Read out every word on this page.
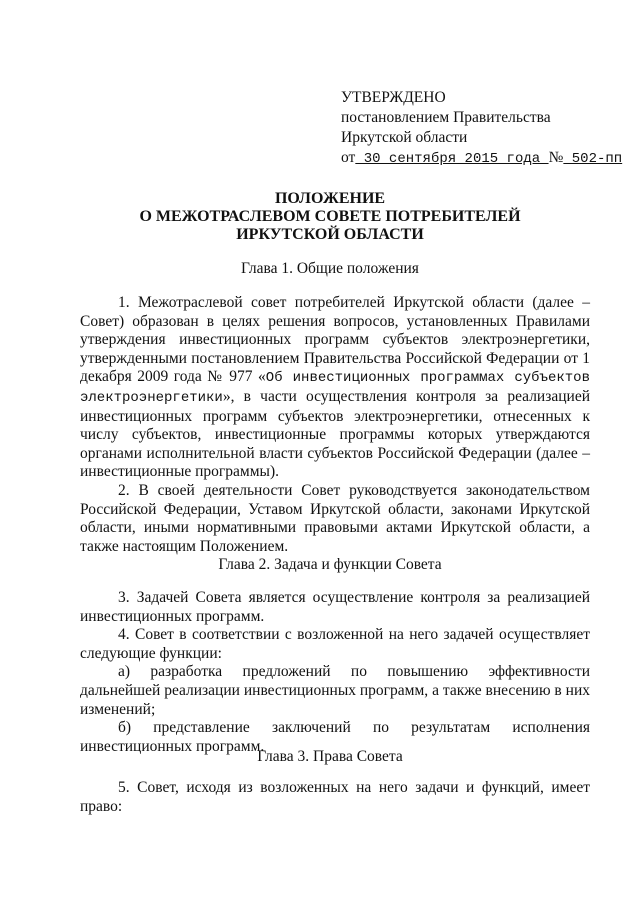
УТВЕРЖДЕНО
постановлением Правительства
Иркутской области
от 30 сентября 2015 года № 502-пп
ПОЛОЖЕНИЕ
О МЕЖОТРАСЛЕВОМ СОВЕТЕ ПОТРЕБИТЕЛЕЙ
ИРКУТСКОЙ ОБЛАСТИ
Глава 1. Общие положения

1. Межотраслевой совет потребителей Иркутской области (далее – Совет) образован в целях решения вопросов, установленных Правилами утверждения инвестиционных программ субъектов электроэнергетики, утвержденными постановлением Правительства Российской Федерации от 1 декабря 2009 года № 977 «Об инвестиционных программах субъектов электроэнергетики», в части осуществления контроля за реализацией инвестиционных программ субъектов электроэнергетики, отнесенных к числу субъектов, инвестиционные программы которых утверждаются органами исполнительной власти субъектов Российской Федерации (далее – инвестиционные программы).

2. В своей деятельности Совет руководствуется законодательством Российской Федерации, Уставом Иркутской области, законами Иркутской области, иными нормативными правовыми актами Иркутской области, а также настоящим Положением.

Глава 2. Задача и функции Совета

3. Задачей Совета является осуществление контроля за реализацией инвестиционных программ.

4. Совет в соответствии с возложенной на него задачей осуществляет следующие функции:

а) разработка предложений по повышению эффективности дальнейшей реализации инвестиционных программ, а также внесению в них изменений;

б) представление заключений по результатам исполнения инвестиционных программ.

Глава 3. Права Совета

5. Совет, исходя из возложенных на него задачи и функций, имеет право:
